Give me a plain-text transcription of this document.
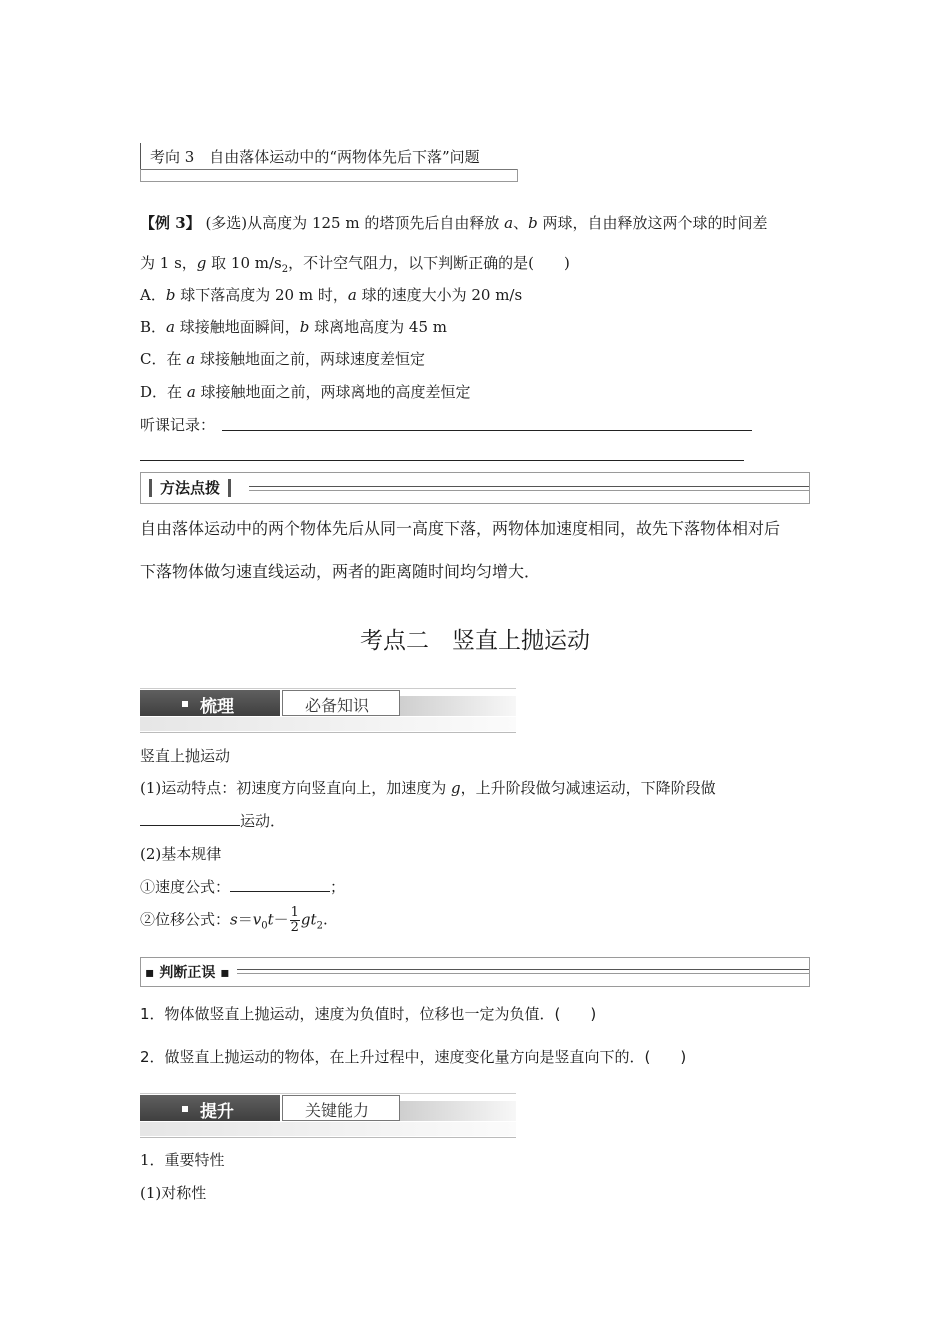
考向 3　自由落体运动中的“两物体先后下落”问题
【例 3】 (多选)从高度为 125 m 的塔顶先后自由释放 a、b 两球，自由释放这两个球的时间差
为 1 s，g 取 10 $m/s_2$，不计空气阻力，以下判断正确的是(　　)
A．b 球下落高度为 20 m 时，a 球的速度大小为 20 m/s
B．a 球接触地面瞬间，b 球离地高度为 45 m
C．在 a 球接触地面之前，两球速度差恒定
D．在 a 球接触地面之前，两球离地的高度差恒定
听课记录：
方法点拨
自由落体运动中的两个物体先后从同一高度下落，两物体加速度相同，故先下落物体相对后
下落物体做匀速直线运动，两者的距离随时间均匀增大．
考点二　竖直上抛运动
梳理	必备知识
竖直上抛运动
(1)运动特点：初速度方向竖直向上，加速度为 g，上升阶段做匀减速运动，下降阶段做
运动．
(2)基本规律
①速度公式：	；
②位移公式：$s=v_0t- \frac{1}{2} gt_2$.
▪ 判断正误 ▪
1．物体做竖直上抛运动，速度为负值时，位移也一定为负值．(　　)
2．做竖直上抛运动的物体，在上升过程中，速度变化量方向是竖直向下的．(　　)
提升	关键能力
1．重要特性
(1)对称性
